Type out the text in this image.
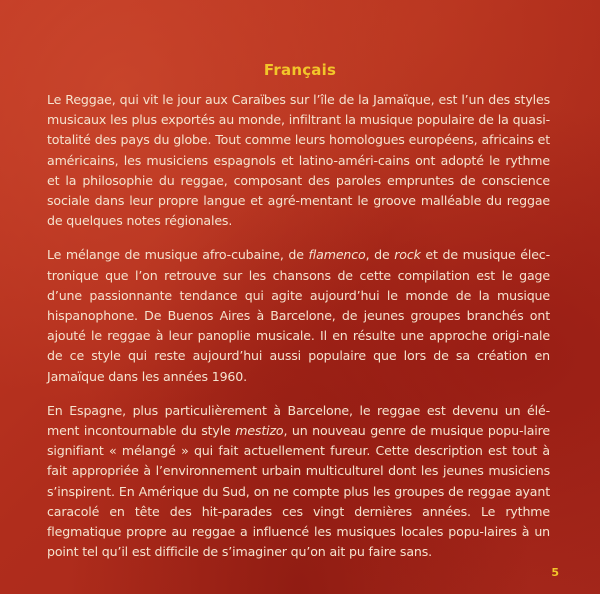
Français

Le Reggae, qui vit le jour aux Caraïbes sur l’île de la Jamaïque, est l’un des styles musicaux les plus exportés au monde, infiltrant la musique populaire de la quasi-totalité des pays du globe. Tout comme leurs homologues européens, africains et américains, les musiciens espagnols et latino-améri-cains ont adopté le rythme et la philosophie du reggae, composant des paroles empruntes de conscience sociale dans leur propre langue et agré-mentant le groove malléable du reggae de quelques notes régionales.

Le mélange de musique afro-cubaine, de flamenco, de rock et de musique élec-tronique que l’on retrouve sur les chansons de cette compilation est le gage d’une passionnante tendance qui agite aujourd’hui le monde de la musique hispanophone. De Buenos Aires à Barcelone, de jeunes groupes branchés ont ajouté le reggae à leur panoplie musicale. Il en résulte une approche origi-nale de ce style qui reste aujourd’hui aussi populaire que lors de sa création en Jamaïque dans les années 1960.

En Espagne, plus particulièrement à Barcelone, le reggae est devenu un élé-ment incontournable du style mestizo, un nouveau genre de musique popu-laire signifiant « mélangé » qui fait actuellement fureur. Cette description est tout à fait appropriée à l’environnement urbain multiculturel dont les jeunes musiciens s’inspirent. En Amérique du Sud, on ne compte plus les groupes de reggae ayant caracolé en tête des hit-parades ces vingt dernières années. Le rythme flegmatique propre au reggae a influencé les musiques locales popu-laires à un point tel qu’il est difficile de s’imaginer qu’on ait pu faire sans.

5
